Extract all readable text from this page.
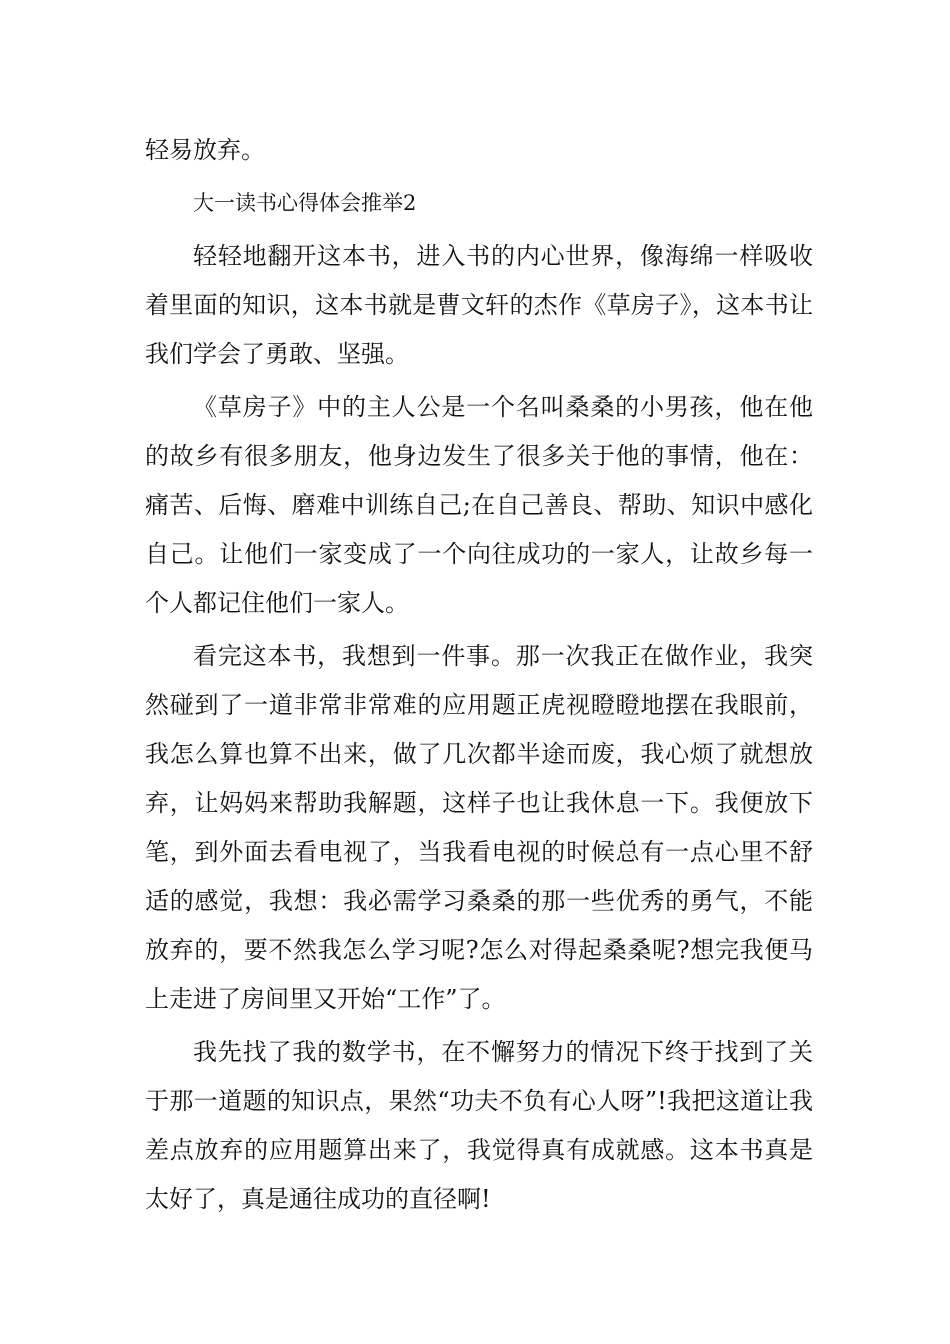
轻易放弃。

大一读书心得体会推举2

轻轻地翻开这本书，进入书的内心世界，像海绵一样吸收着里面的知识，这本书就是曹文轩的杰作《草房子》，这本书让我们学会了勇敢、坚强。

《草房子》中的主人公是一个名叫桑桑的小男孩，他在他的故乡有很多朋友，他身边发生了很多关于他的事情，他在：痛苦、后悔、磨难中训练自己;在自己善良、帮助、知识中感化自己。让他们一家变成了一个向往成功的一家人，让故乡每一个人都记住他们一家人。

看完这本书，我想到一件事。那一次我正在做作业，我突然碰到了一道非常非常难的应用题正虎视瞪瞪地摆在我眼前，我怎么算也算不出来，做了几次都半途而废，我心烦了就想放弃，让妈妈来帮助我解题，这样子也让我休息一下。我便放下笔，到外面去看电视了，当我看电视的时候总有一点心里不舒适的感觉，我想：我必需学习桑桑的那一些优秀的勇气，不能放弃的，要不然我怎么学习呢?怎么对得起桑桑呢?想完我便马上走进了房间里又开始“工作”了。

我先找了我的数学书，在不懈努力的情况下终于找到了关于那一道题的知识点，果然“功夫不负有心人呀”!我把这道让我差点放弃的应用题算出来了，我觉得真有成就感。这本书真是太好了，真是通往成功的直径啊!
